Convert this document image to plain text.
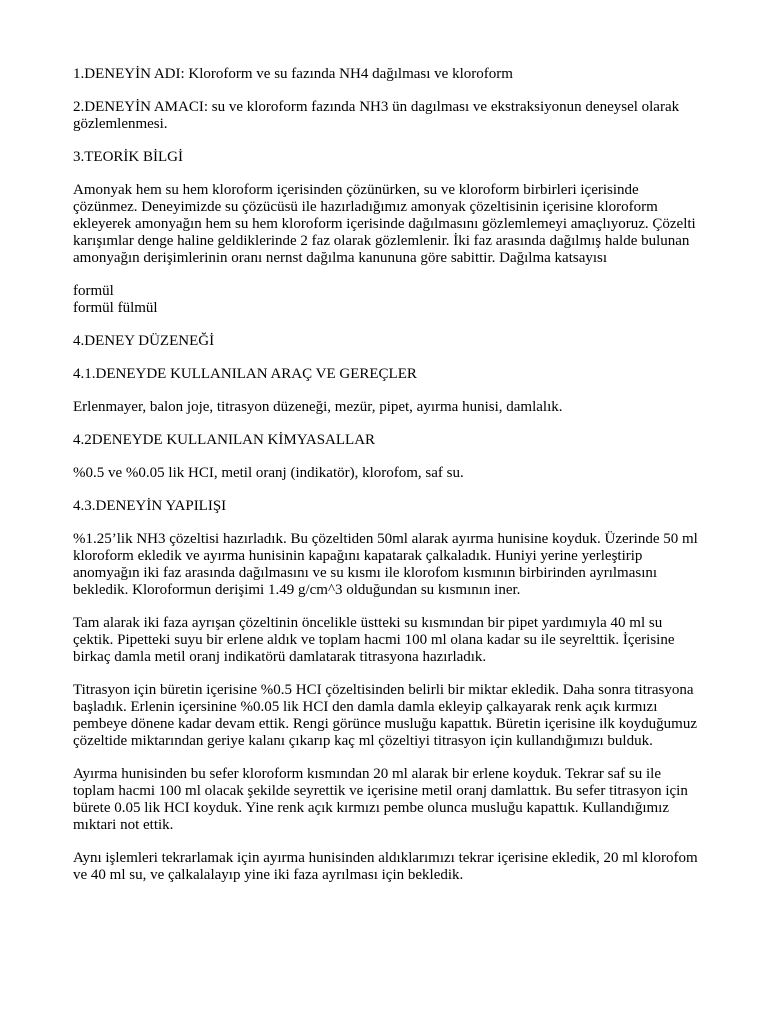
1.DENEYİN ADI: Kloroform ve su fazında NH4 dağılması ve kloroform

2.DENEYİN AMACI: su ve kloroform fazında NH3 ün dagılması ve ekstraksiyonun deneysel olarak gözlemlenmesi.

3.TEORİK BİLGİ

Amonyak hem su hem kloroform içerisinden çözünürken, su ve kloroform birbirleri içerisinde çözünmez. Deneyimizde su çözücüsü ile hazırladığımız amonyak çözeltisinin içerisine kloroform ekleyerek amonyağın hem su hem kloroform içerisinde dağılmasını gözlemlemeyi amaçlıyoruz. Çözelti karışımlar denge haline geldiklerinde 2 faz olarak gözlemlenir. İki faz arasında dağılmış halde bulunan amonyağın derişimlerinin oranı nernst dağılma kanununa göre sabittir. Dağılma katsayısı

formül

formül fülmül

4.DENEY DÜZENEĞİ

4.1.DENEYDE KULLANILAN ARAÇ VE GEREÇLER

Erlenmayer, balon joje, titrasyon düzeneği, mezür, pipet, ayırma hunisi, damlalık.

4.2DENEYDE KULLANILAN KİMYASALLAR

%0.5 ve %0.05 lik HCI, metil oranj (indikatör), klorofom, saf su.

4.3.DENEYİN YAPILIŞI

%1.25’lik NH3 çözeltisi hazırladık. Bu çözeltiden 50ml alarak ayırma hunisine koyduk. Üzerinde 50 ml kloroform ekledik ve ayırma hunisinin kapağını kapatarak çalkaladık. Huniyi yerine yerleştirip anomyağın iki faz arasında dağılmasını ve su kısmı ile klorofom kısmının birbirinden ayrılmasını bekledik. Kloroformun derişimi 1.49 g/cm^3 olduğundan su kısmının iner.

Tam alarak iki faza ayrışan çözeltinin öncelikle üstteki su kısmından bir pipet yardımıyla 40 ml su çektik. Pipetteki suyu bir erlene aldık ve toplam hacmi 100 ml olana kadar su ile seyrelttik. İçerisine birkaç damla metil oranj indikatörü damlatarak titrasyona hazırladık.

Titrasyon için büretin içerisine %0.5 HCI çözeltisinden belirli bir miktar ekledik. Daha sonra titrasyona başladık. Erlenin içersinine %0.05 lik HCI den damla damla ekleyip çalkayarak renk açık kırmızı pembeye dönene kadar devam ettik. Rengi görünce musluğu kapattık. Büretin içerisine ilk koyduğumuz çözeltide miktarından geriye kalanı çıkarıp kaç ml çözeltiyi titrasyon için kullandığımızı bulduk.

Ayırma hunisinden bu sefer kloroform kısmından 20 ml alarak bir erlene koyduk. Tekrar saf su ile toplam hacmi 100 ml olacak şekilde seyrettik ve içerisine metil oranj damlattık. Bu sefer titrasyon için bürete 0.05 lik HCI koyduk. Yine renk açık kırmızı pembe olunca musluğu kapattık. Kullandığımız mıktari not ettik.

Aynı işlemleri tekrarlamak için ayırma hunisinden aldıklarımızı tekrar içerisine ekledik, 20 ml klorofom ve 40 ml su, ve çalkalalayıp yine iki faza ayrılması için bekledik.
